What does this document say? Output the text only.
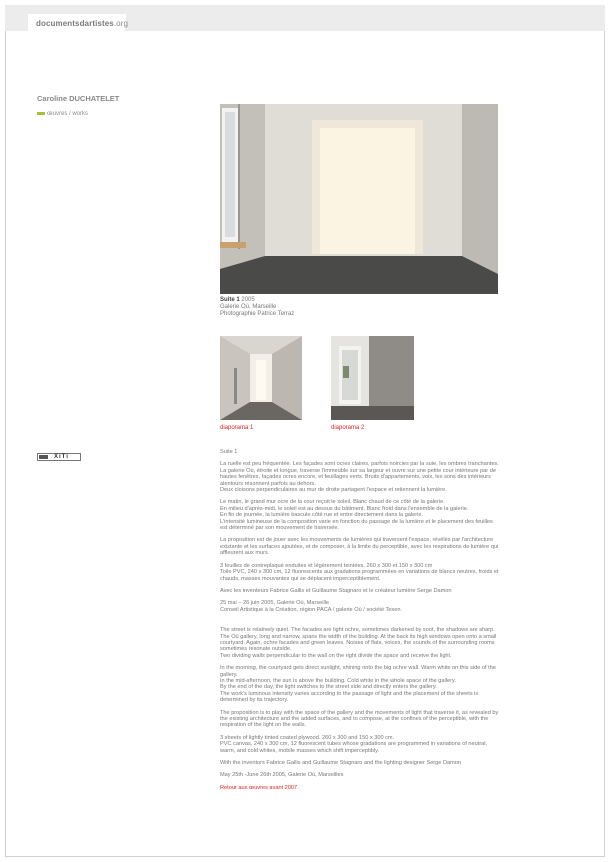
documentsdartistes.org
Caroline DUCHATELET
œuvres / works
XiTi
Suite 1 2005
Galerie Où, Marseille
Photographie Patrice Terraz
diaporama 1	diaporama 2

Suite 1

La ruelle est peu fréquentée. Les façades sont ocres claires, parfois noircies par la suie, les ombres tranchantes. La galerie Où, étroite et longue, traverse l'immeuble sur sa largeur et ouvre sur une petite cour intérieure par de hautes fenêtres, façades ocres encore, et feuillages verts. Bruits d'appartements, voix, les sons des intérieurs alentours résonnent parfois au dehors.
Deux cloisons perpendiculaires au mur de droite partagent l'espace et retiennent la lumière.

Le matin, le grand mur ocre de la cour reçoit le soleil. Blanc chaud de ce côté de la galerie.
En milieu d'après-midi, le soleil est au dessus du bâtiment. Blanc froid dans l'ensemble de la galerie.
En fin de journée, la lumière bascule côté rue et entre directement dans la galerie.
L'intensité lumineuse de la composition varie en fonction du passage de la lumière et le placement des feuilles est déterminé par son mouvement de traversée.

La proposition est de jouer avec les mouvements de lumières qui traversent l'espace, révélés par l'architecture existante et les surfaces ajoutées, et de composer, à la limite du perceptible, avec les respirations de lumière qui affleurent aux murs.

3 feuilles de contreplaqué enduites et légèrement teintées. 260 x 300 et 150 x 300 cm
Toile PVC, 240 x 300 cm, 12 fluorescents aux gradations programmées en variations de blancs neutres, froids et chauds, masses mouvantes qui se déplacent imperceptiblement.

Avec les inventeurs Fabrice Gallis et Guillaume Stagnaro et le créateur lumière Serge Damon

25 mai – 26 juin 2005, Galerie Où, Marseille
Conseil Artistique à la Création, région PACA / galerie Où / société Texen.

The street is relatively quiet. The facades are light ochre, sometimes darkened by soot, the shadows are sharp. The Où gallery, long and narrow, spans the width of the building. At the back its high windows open onto a small courtyard. Again, ochre facades and green leaves. Noises of flats, voices, the sounds of the surrounding rooms sometimes resonate outside.
Two dividing walls perpendicular to the wall on the right divide the space and receive the light.

In the morning, the courtyard gets direct sunlight, shining onto the big ochre wall. Warm white on this side of the gallery.
In the mid-afternoon, the sun is above the building. Cold white in the whole space of the gallery.
By the end of the day, the light switches to the street side and directly enters the gallery.
The work's luminous intensity varies according to the passage of light and the placement of the sheets is determined by its trajectory.

The proposition is to play with the space of the gallery and the movements of light that traverse it, as revealed by the existing architecture and the added surfaces, and to compose, at the confines of the perceptible, with the respiration of the light on the walls.

3 sheets of lightly tinted coated plywood. 260 x 300 and 150 x 300 cm.
PVC canvas, 240 x 300 cm, 12 fluorescent tubes whose gradations are programmed in variations of neutral, warm, and cold whites, mobile masses which shift imperceptibly.

With the inventors Fabrice Gallis and Guillaume Stagnaro and the lighting designer Serge Damon

May 25th -June 26th 2005, Galerie Où, Marseilles

Retour aux œuvres avant 2007
